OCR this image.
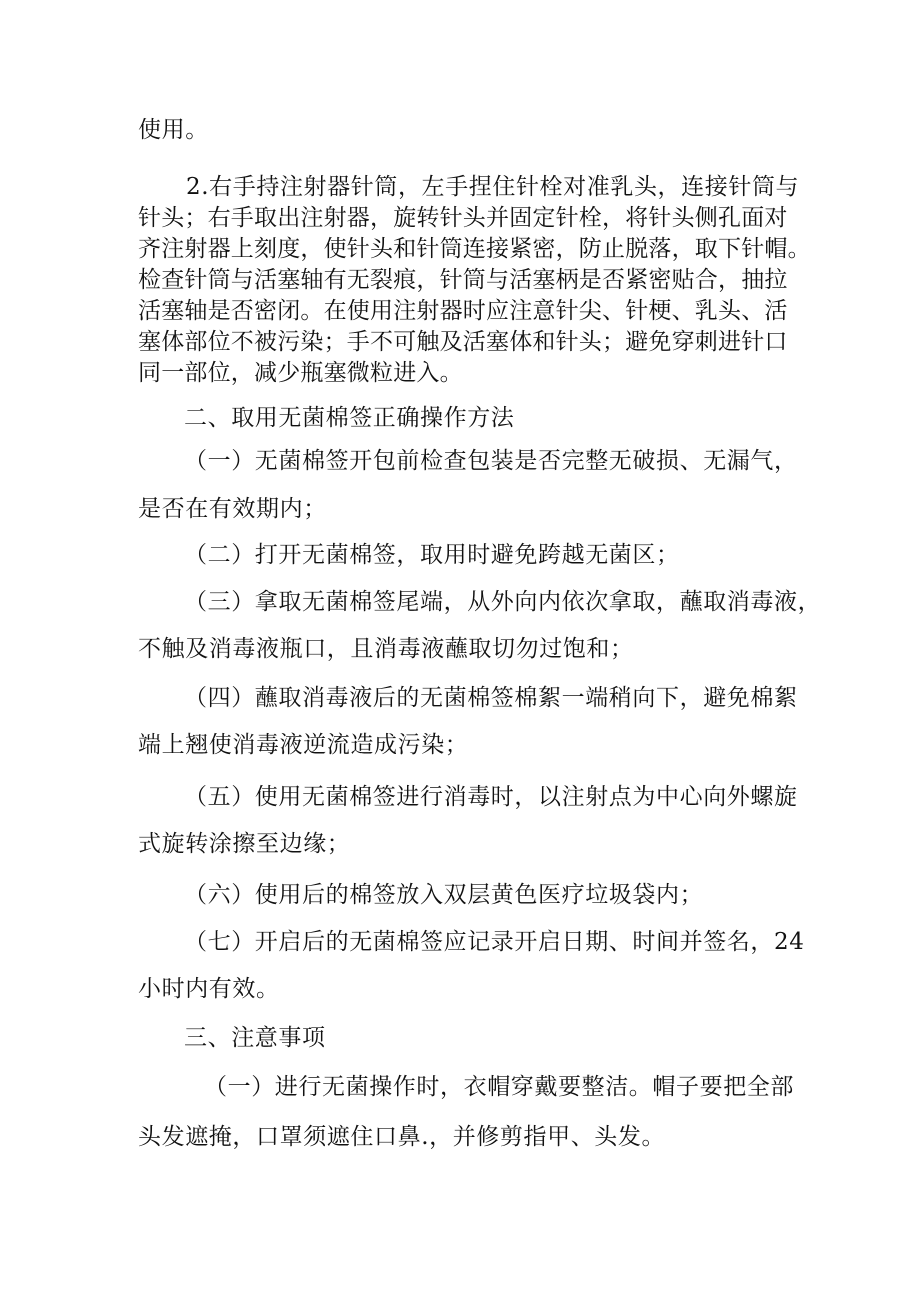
使用。
2.右手持注射器针筒，左手捏住针栓对准乳头，连接针筒与
针头；右手取出注射器，旋转针头并固定针栓，将针头侧孔面对
齐注射器上刻度，使针头和针筒连接紧密，防止脱落，取下针帽。
检查针筒与活塞轴有无裂痕，针筒与活塞柄是否紧密贴合，抽拉
活塞轴是否密闭。在使用注射器时应注意针尖、针梗、乳头、活
塞体部位不被污染；手不可触及活塞体和针头；避免穿刺进针口
同一部位，减少瓶塞微粒进入。
二、取用无菌棉签正确操作方法
（一）无菌棉签开包前检查包装是否完整无破损、无漏气，
是否在有效期内；
（二）打开无菌棉签，取用时避免跨越无菌区；
（三）拿取无菌棉签尾端，从外向内依次拿取，蘸取消毒液，
不触及消毒液瓶口，且消毒液蘸取切勿过饱和；
（四）蘸取消毒液后的无菌棉签棉絮一端稍向下，避免棉絮
端上翘使消毒液逆流造成污染；
（五）使用无菌棉签进行消毒时，以注射点为中心向外螺旋
式旋转涂擦至边缘；
（六）使用后的棉签放入双层黄色医疗垃圾袋内；
（七）开启后的无菌棉签应记录开启日期、时间并签名，24
小时内有效。
三、注意事项
（一）进行无菌操作时，衣帽穿戴要整洁。帽子要把全部
头发遮掩，口罩须遮住口鼻.，并修剪指甲、头发。
